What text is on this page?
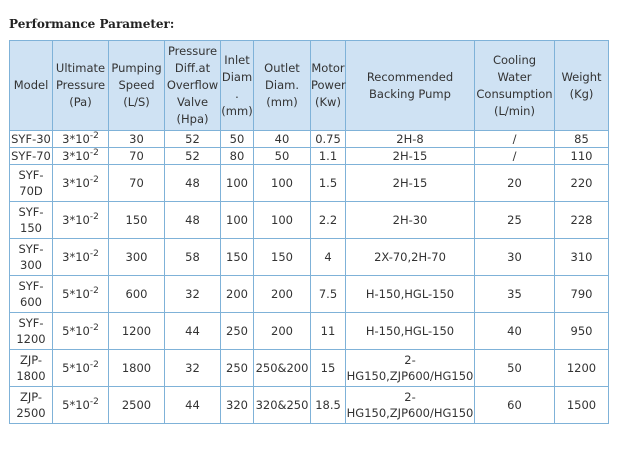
Performance Parameter:
Model	Ultimate Pressure (Pa)	Pumping Speed (L/S)	Pressure Diff.at Overflow Valve (Hpa)	Inlet Diam . (mm)	Outlet Diam. (mm)	Motor Power (Kw)	Recommended Backing Pump	Cooling Water Consumption (L/min)	Weight (Kg)
SYF-30	$3*10^{-2}$	30	52	50	40	0.75	2H-8	/	85
SYF-70	$3*10^{-2}$	70	52	80	50	1.1	2H-15	/	110
SYF-70D	$3*10^{-2}$	70	48	100	100	1.5	2H-15	20	220
SYF-150	$3*10^{-2}$	150	48	100	100	2.2	2H-30	25	228
SYF-300	$3*10^{-2}$	300	58	150	150	4	2X-70,2H-70	30	310
SYF-600	$5*10^{-2}$	600	32	200	200	7.5	H-150,HGL-150	35	790
SYF-1200	$5*10^{-2}$	1200	44	250	200	11	H-150,HGL-150	40	950
ZJP-1800	$5*10^{-2}$	1800	32	250	250&200	15	2-HG150,ZJP600/HG150	50	1200
ZJP-2500	$5*10^{-2}$	2500	44	320	320&250	18.5	2-HG150,ZJP600/HG150	60	1500
